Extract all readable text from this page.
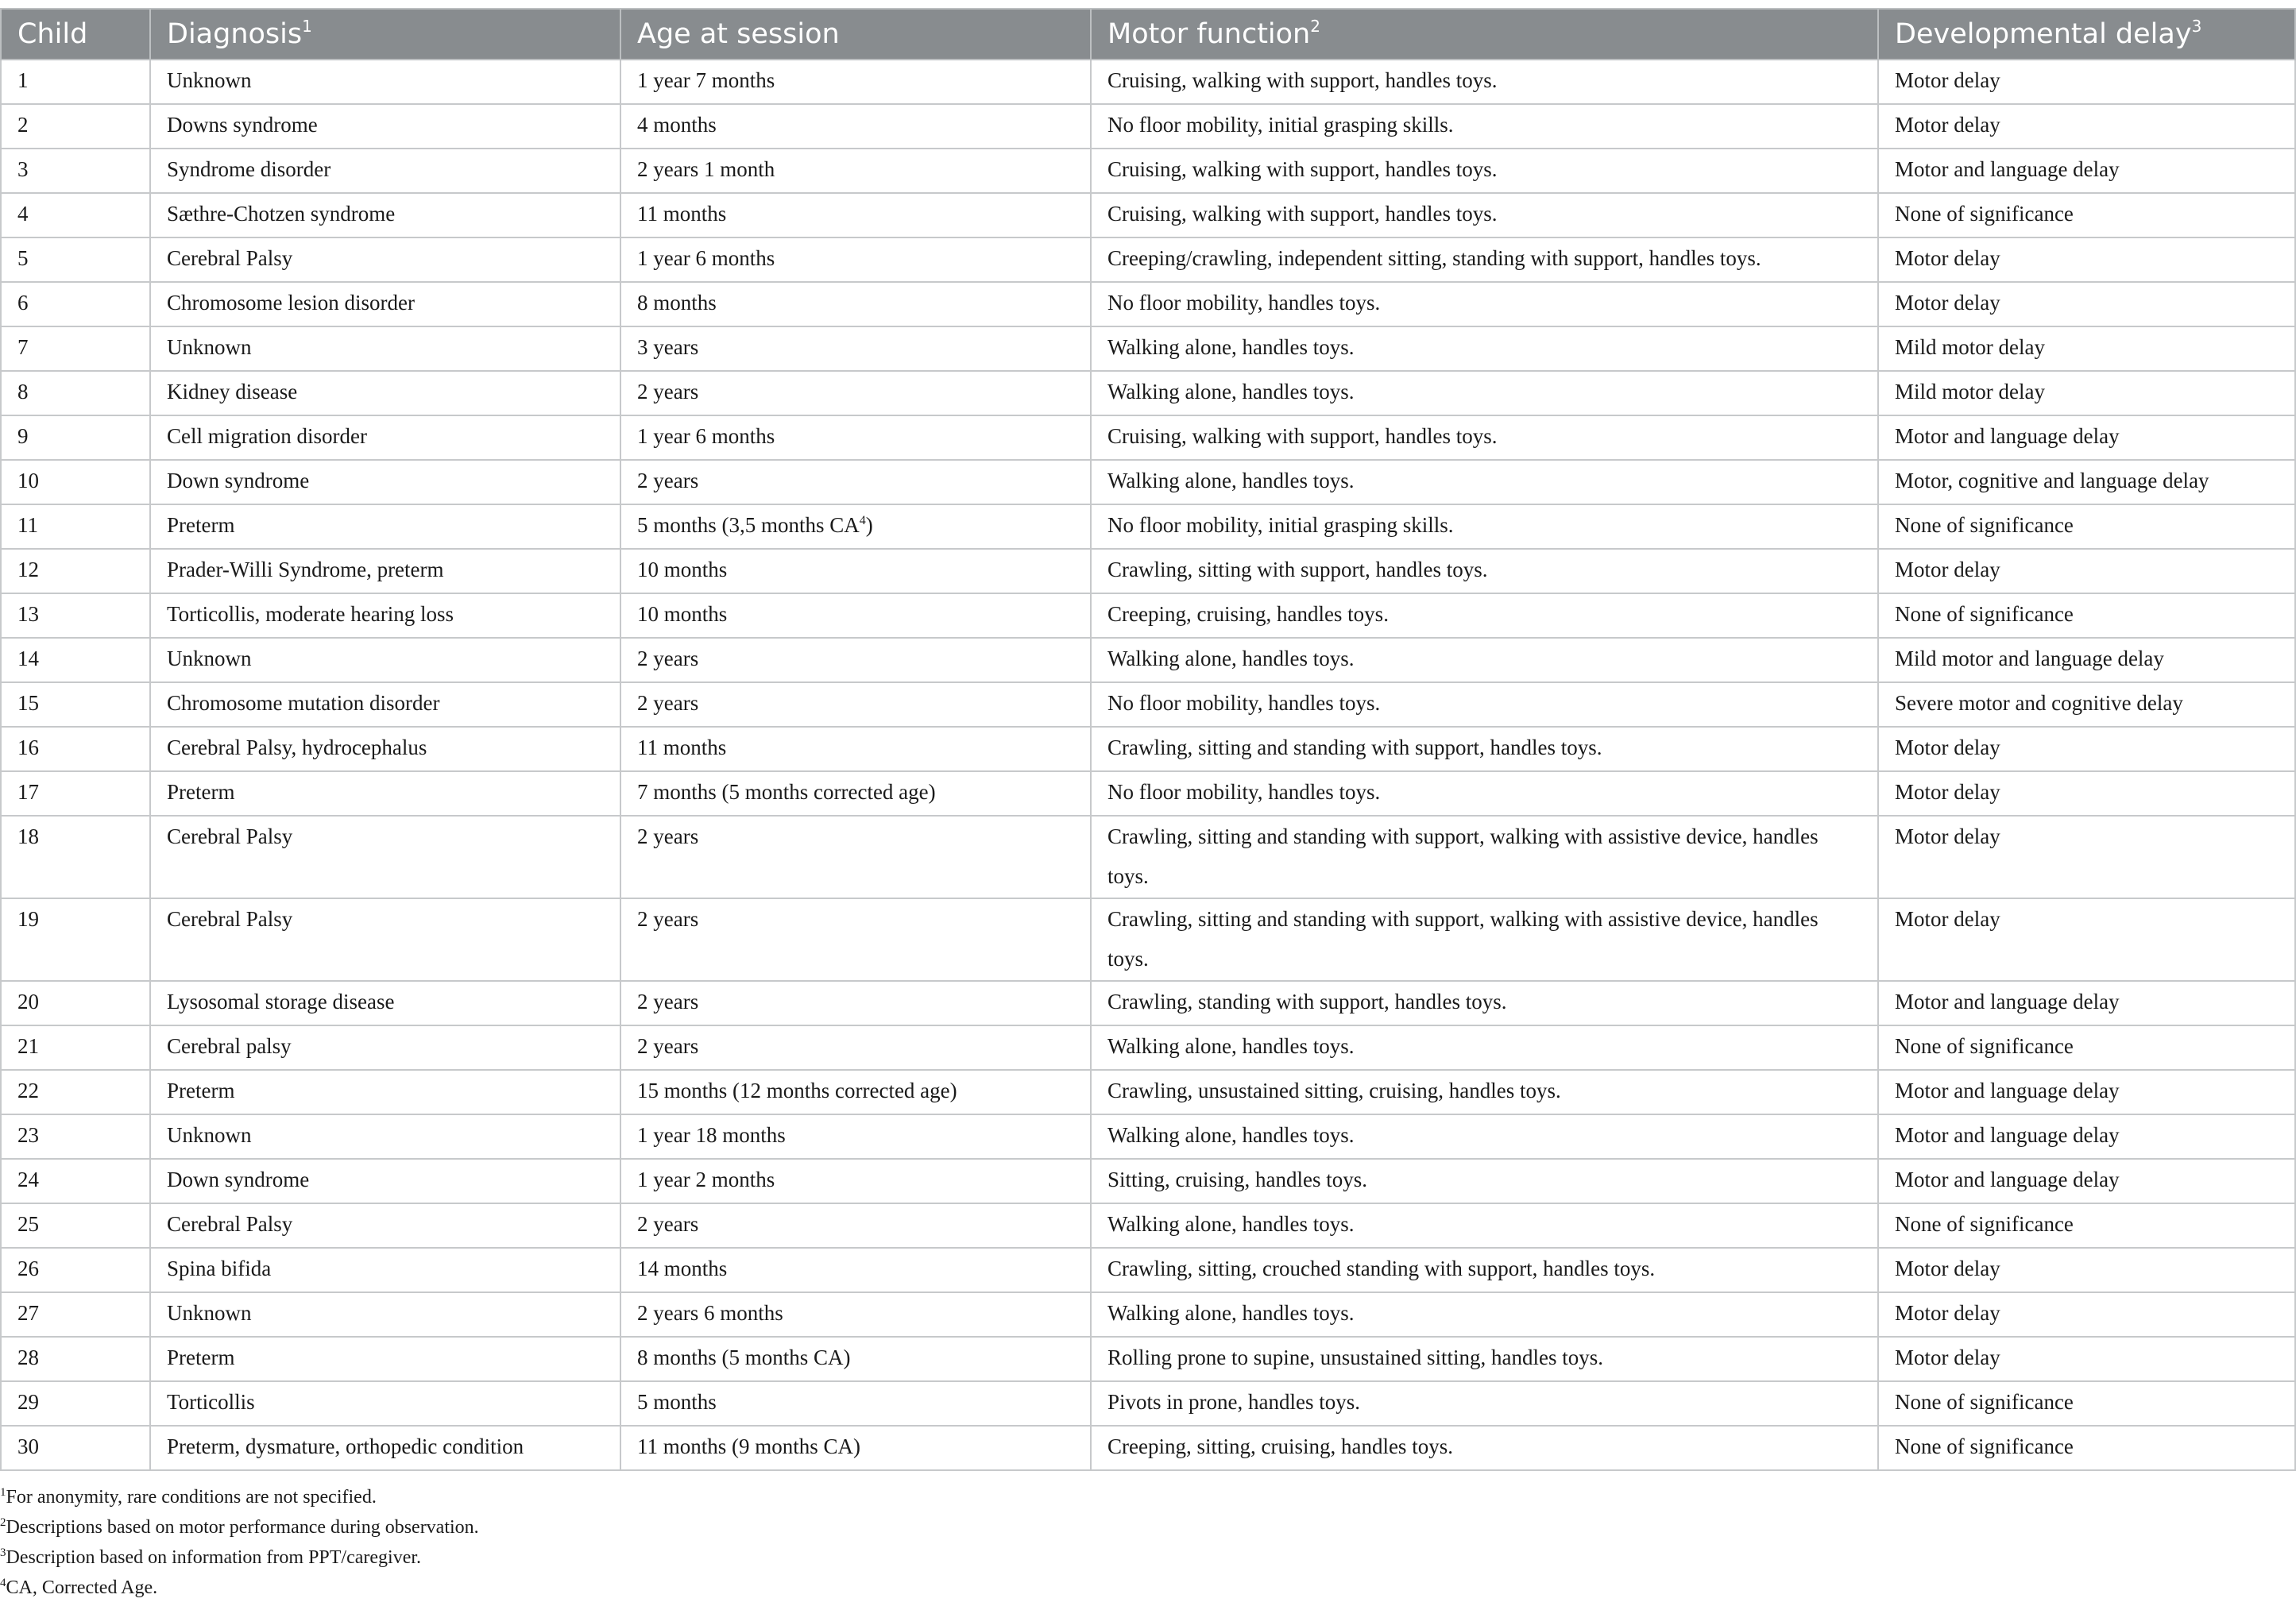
Child	Diagnosis$^1$	Age at session	Motor function$^2$	Developmental delay$^3$
1	Unknown	1 year 7 months	Cruising, walking with support, handles toys.	Motor delay
2	Downs syndrome	4 months	No floor mobility, initial grasping skills.	Motor delay
3	Syndrome disorder	2 years 1 month	Cruising, walking with support, handles toys.	Motor and language delay
4	Sæthre-Chotzen syndrome	11 months	Cruising, walking with support, handles toys.	None of significance
5	Cerebral Palsy	1 year 6 months	Creeping/crawling, independent sitting, standing with support, handles toys.	Motor delay
6	Chromosome lesion disorder	8 months	No floor mobility, handles toys.	Motor delay
7	Unknown	3 years	Walking alone, handles toys.	Mild motor delay
8	Kidney disease	2 years	Walking alone, handles toys.	Mild motor delay
9	Cell migration disorder	1 year 6 months	Cruising, walking with support, handles toys.	Motor and language delay
10	Down syndrome	2 years	Walking alone, handles toys.	Motor, cognitive and language delay
11	Preterm	5 months (3,5 months $CA^4$)	No floor mobility, initial grasping skills.	None of significance
12	Prader-Willi Syndrome, preterm	10 months	Crawling, sitting with support, handles toys.	Motor delay
13	Torticollis, moderate hearing loss	10 months	Creeping, cruising, handles toys.	None of significance
14	Unknown	2 years	Walking alone, handles toys.	Mild motor and language delay
15	Chromosome mutation disorder	2 years	No floor mobility, handles toys.	Severe motor and cognitive delay
16	Cerebral Palsy, hydrocephalus	11 months	Crawling, sitting and standing with support, handles toys.	Motor delay
17	Preterm	7 months (5 months corrected age)	No floor mobility, handles toys.	Motor delay
18	Cerebral Palsy	2 years	Crawling, sitting and standing with support, walking with assistive device, handles toys.	Motor delay
19	Cerebral Palsy	2 years	Crawling, sitting and standing with support, walking with assistive device, handles toys.	Motor delay
20	Lysosomal storage disease	2 years	Crawling, standing with support, handles toys.	Motor and language delay
21	Cerebral palsy	2 years	Walking alone, handles toys.	None of significance
22	Preterm	15 months (12 months corrected age)	Crawling, unsustained sitting, cruising, handles toys.	Motor and language delay
23	Unknown	1 year 18 months	Walking alone, handles toys.	Motor and language delay
24	Down syndrome	1 year 2 months	Sitting, cruising, handles toys.	Motor and language delay
25	Cerebral Palsy	2 years	Walking alone, handles toys.	None of significance
26	Spina bifida	14 months	Crawling, sitting, crouched standing with support, handles toys.	Motor delay
27	Unknown	2 years 6 months	Walking alone, handles toys.	Motor delay
28	Preterm	8 months (5 months CA)	Rolling prone to supine, unsustained sitting, handles toys.	Motor delay
29	Torticollis	5 months	Pivots in prone, handles toys.	None of significance
30	Preterm, dysmature, orthopedic condition	11 months (9 months CA)	Creeping, sitting, cruising, handles toys.	None of significance
$^1$For anonymity, rare conditions are not specified.
$^2$Descriptions based on motor performance during observation.
$^3$Description based on information from PPT/caregiver.
$^4$CA, Corrected Age.
